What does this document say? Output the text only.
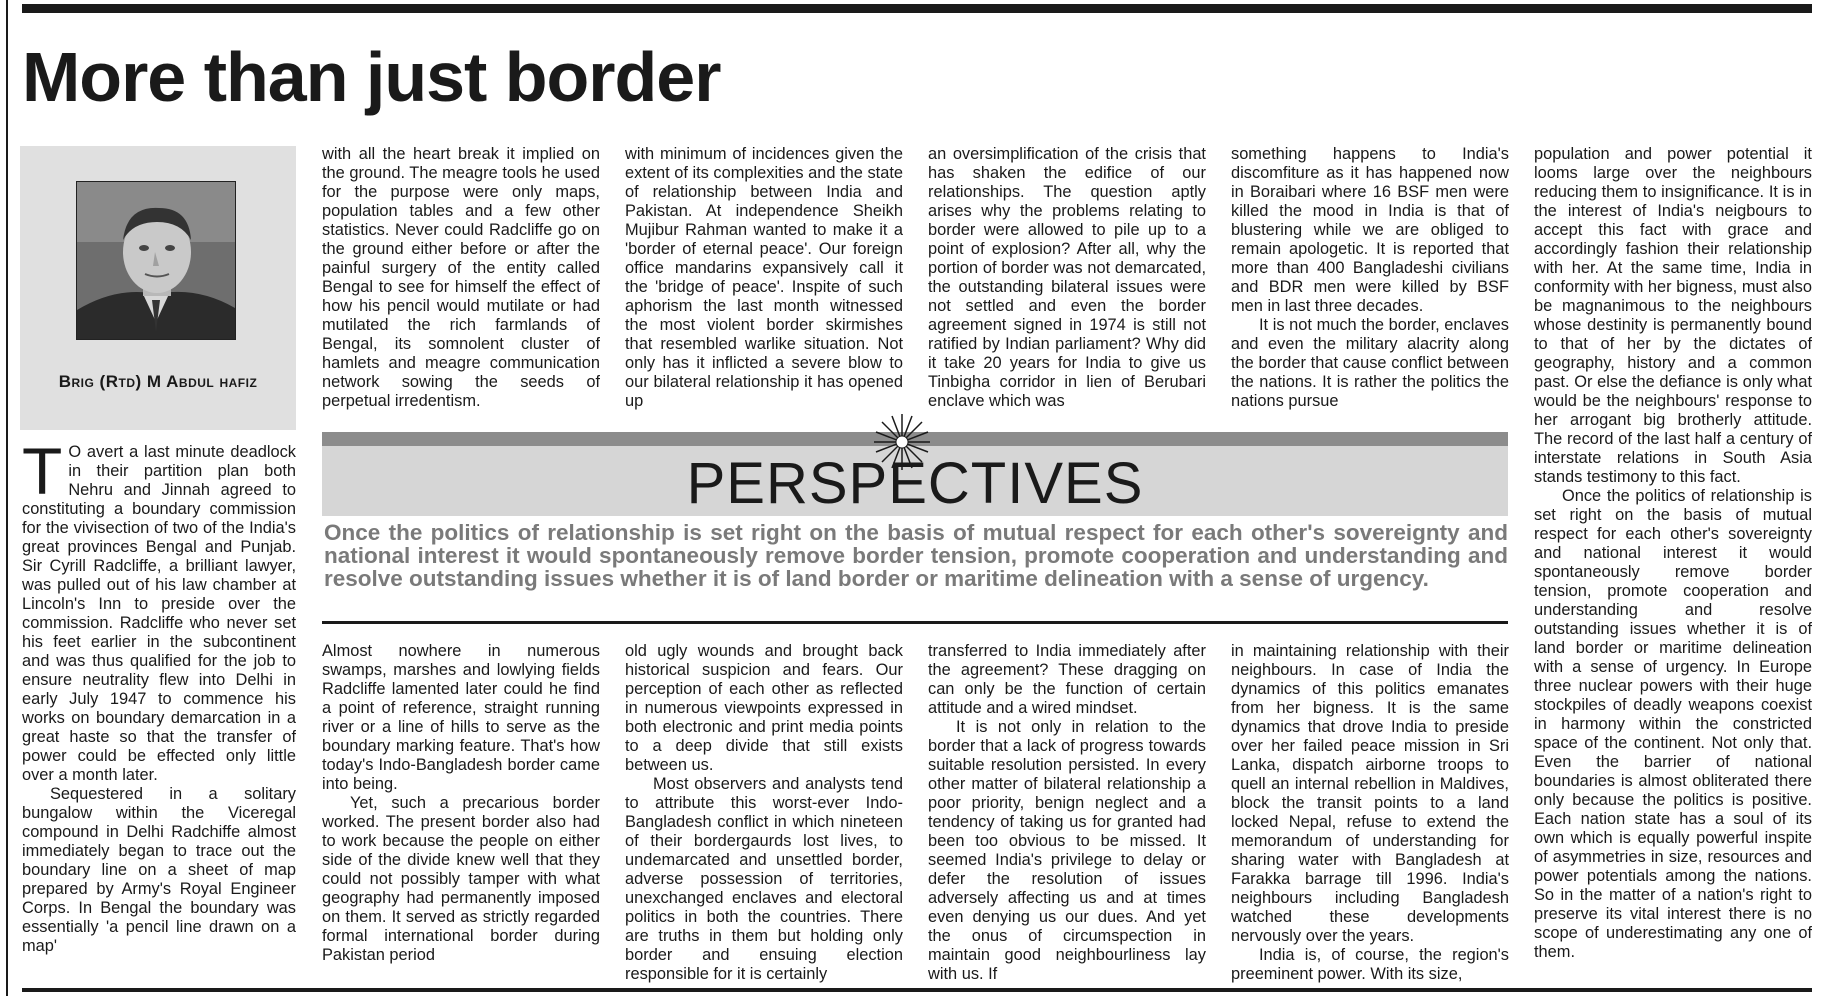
More than just border
Brig (Rtd) M Abdul hafiz

T O avert a last minute deadlock in their partition plan both Nehru and Jinnah agreed to constituting a boundary commission for the vivisection of two of the India's great provinces Bengal and Punjab. Sir Cyrill Radcliffe, a brilliant lawyer, was pulled out of his law chamber at Lincoln's Inn to preside over the commission. Radcliffe who never set his feet earlier in the subcontinent and was thus qualified for the job to ensure neutrality flew into Delhi in early July 1947 to commence his works on boundary demarcation in a great haste so that the transfer of power could be effected only little over a month later.

Sequestered in a solitary bungalow within the Viceregal compound in Delhi Radchiffe almost immediately began to trace out the boundary line on a sheet of map prepared by Army's Royal Engineer Corps. In Bengal the boundary was essentially 'a pencil line drawn on a map'

with all the heart break it implied on the ground. The meagre tools he used for the purpose were only maps, population tables and a few other statistics. Never could Radcliffe go on the ground either before or after the painful surgery of the entity called Bengal to see for himself the effect of how his pencil would mutilate or had mutilated the rich farmlands of Bengal, its somnolent cluster of hamlets and meagre communication network sowing the seeds of perpetual irredentism.

with minimum of incidences given the extent of its complexities and the state of relationship between India and Pakistan. At independence Sheikh Mujibur Rahman wanted to make it a 'border of eternal peace'. Our foreign office mandarins expansively call it the 'bridge of peace'. Inspite of such aphorism the last month witnessed the most violent border skirmishes that resembled warlike situation. Not only has it inflicted a severe blow to our bilateral relationship it has opened up

an oversimplification of the crisis that has shaken the edifice of our relationships. The question aptly arises why the problems relating to border were allowed to pile up to a point of explosion? After all, why the portion of border was not demarcated, the outstanding bilateral issues were not settled and even the border agreement signed in 1974 is still not ratified by Indian parliament? Why did it take 20 years for India to give us Tinbigha corridor in lien of Berubari enclave which was

something happens to India's discomfiture as it has happened now in Boraibari where 16 BSF men were killed the mood in India is that of blustering while we are obliged to remain apologetic. It is reported that more than 400 Bangladeshi civilians and BDR men were killed by BSF men in last three decades.

It is not much the border, enclaves and even the military alacrity along the border that cause conflict between the nations. It is rather the politics the nations pursue

population and power potential it looms large over the neighbours reducing them to insignificance. It is in the interest of India's neigbours to accept this fact with grace and accordingly fashion their relationship with her. At the same time, India in conformity with her bigness, must also be magnanimous to the neighbours whose destinity is permanently bound to that of her by the dictates of geography, history and a common past. Or else the defiance is only what would be the neighbours' response to her arrogant big brotherly attitude. The record of the last half a century of interstate relations in South Asia stands testimony to this fact.

Once the politics of relationship is set right on the basis of mutual respect for each other's sovereignty and national interest it would spontaneously remove border tension, promote cooperation and understanding and resolve outstanding issues whether it is of land border or maritime delineation with a sense of urgency. In Europe three nuclear powers with their huge stockpiles of deadly weapons coexist in harmony within the constricted space of the continent. Not only that. Even the barrier of national boundaries is almost obliterated there only because the politics is positive. Each nation state has a soul of its own which is equally powerful inspite of asymmetries in size, resources and power potentials among the nations. So in the matter of a nation's right to preserve its vital interest there is no scope of underestimating any one of them.

PERSPECTIVES

Once the politics of relationship is set right on the basis of mutual respect for each other's sovereignty and national interest it would spontaneously remove border tension, promote cooperation and understanding and resolve outstanding issues whether it is of land border or maritime delineation with a sense of urgency.

Almost nowhere in numerous swamps, marshes and lowlying fields Radcliffe lamented later could he find a point of reference, straight running river or a line of hills to serve as the boundary marking feature. That's how today's Indo-Bangladesh border came into being.

Yet, such a precarious border worked. The present border also had to work because the people on either side of the divide knew well that they could not possibly tamper with what geography had permanently imposed on them. It served as strictly regarded formal international border during Pakistan period

old ugly wounds and brought back historical suspicion and fears. Our perception of each other as reflected in numerous viewpoints expressed in both electronic and print media points to a deep divide that still exists between us.

Most observers and analysts tend to attribute this worst-ever Indo-Bangladesh conflict in which nineteen of their bordergaurds lost lives, to undemarcated and unsettled border, adverse possession of territories, unexchanged enclaves and electoral politics in both the countries. There are truths in them but holding only border and ensuing election responsible for it is certainly

transferred to India immediately after the agreement? These dragging on can only be the function of certain attitude and a wired mindset.

It is not only in relation to the border that a lack of progress towards suitable resolution persisted. In every other matter of bilateral relationship a poor priority, benign neglect and a tendency of taking us for granted had been too obvious to be missed. It seemed India's privilege to delay or defer the resolution of issues adversely affecting us and at times even denying us our dues. And yet the onus of circumspection in maintain good neighbourliness lay with us. If

in maintaining relationship with their neighbours. In case of India the dynamics of this politics emanates from her bigness. It is the same dynamics that drove India to preside over her failed peace mission in Sri Lanka, dispatch airborne troops to quell an internal rebellion in Maldives, block the transit points to a land locked Nepal, refuse to extend the memorandum of understanding for sharing water with Bangladesh at Farakka barrage till 1996. India's neighbours including Bangladesh watched these developments nervously over the years.

India is, of course, the region's preeminent power. With its size,
